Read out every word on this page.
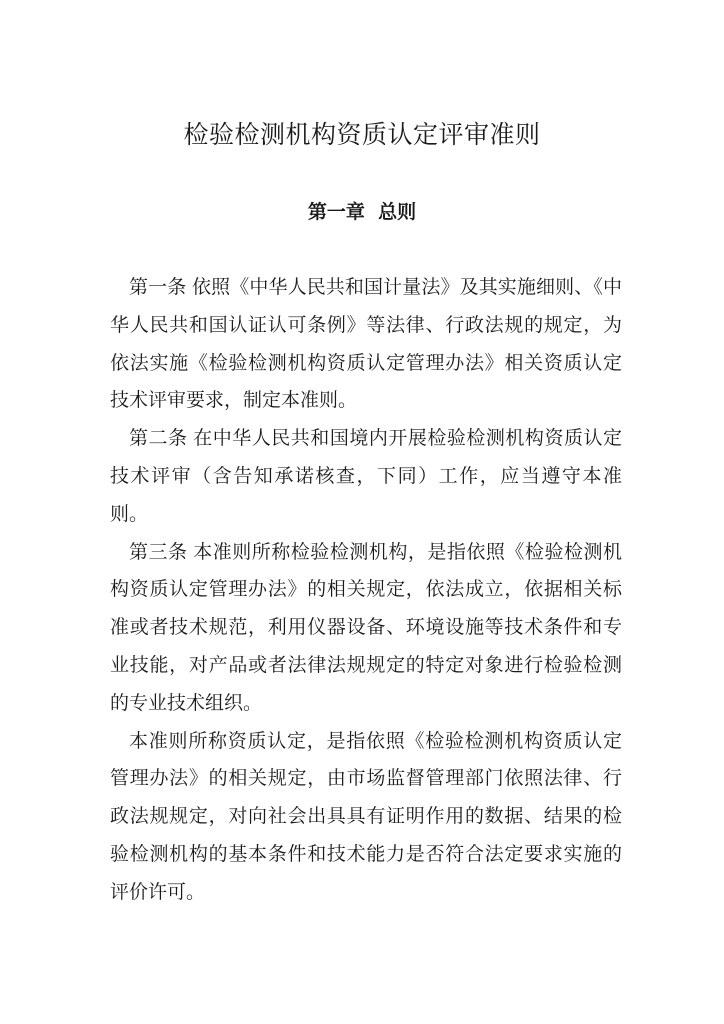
检验检测机构资质认定评审准则
第一章  总则

第一条 依照《中华人民共和国计量法》及其实施细则、《中华人民共和国认证认可条例》等法律、行政法规的规定，为依法实施《检验检测机构资质认定管理办法》相关资质认定技术评审要求，制定本准则。

第二条 在中华人民共和国境内开展检验检测机构资质认定技术评审（含告知承诺核查，下同）工作，应当遵守本准则。

第三条 本准则所称检验检测机构，是指依照《检验检测机构资质认定管理办法》的相关规定，依法成立，依据相关标准或者技术规范，利用仪器设备、环境设施等技术条件和专业技能，对产品或者法律法规规定的特定对象进行检验检测的专业技术组织。

本准则所称资质认定，是指依照《检验检测机构资质认定管理办法》的相关规定，由市场监督管理部门依照法律、行政法规规定，对向社会出具具有证明作用的数据、结果的检验检测机构的基本条件和技术能力是否符合法定要求实施的评价许可。
